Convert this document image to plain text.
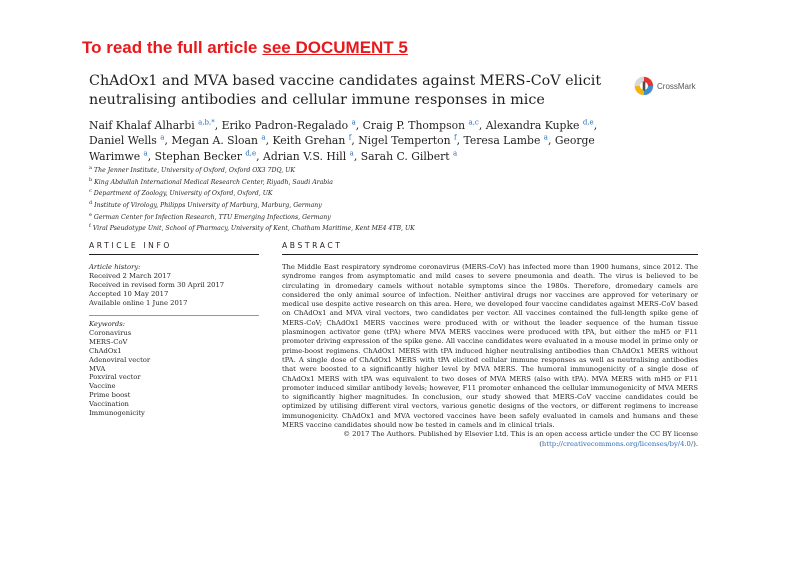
To read the full article see DOCUMENT 5
ChAdOx1 and MVA based vaccine candidates against MERS-CoV elicit neutralising antibodies and cellular immune responses in mice
CrossMark
Naif Khalaf Alharbi $^{a,b,*}$, Eriko Padron-Regalado $^a$, Craig P. Thompson $^{a,c}$, Alexandra Kupke $^{d,e}$, Daniel Wells $^a$, Megan A. Sloan $^a$, Keith Grehan $^f$, Nigel Temperton $^f$, Teresa Lambe $^a$, George Warimwe $^a$, Stephan Becker $^{d,e}$, Adrian V.S. Hill $^a$, Sarah C. Gilbert $^a$
$^a$ The Jenner Institute, University of Oxford, Oxford OX3 7DQ, UK
$^b$ King Abdullah International Medical Research Center, Riyadh, Saudi Arabia
$^c$ Department of Zoology, University of Oxford, Oxford, UK
$^d$ Institute of Virology, Philipps University of Marburg, Marburg, Germany
$^e$ German Center for Infection Research, TTU Emerging Infections, Germany
$^f$ Viral Pseudotype Unit, School of Pharmacy, University of Kent, Chatham Maritime, Kent ME4 4TB, UK
ARTICLE INFO	ABSTRACT
Article history:
Received 2 March 2017
Received in revised form 30 April 2017
Accepted 10 May 2017
Available online 1 June 2017
Keywords:
Coronavirus
MERS-CoV
ChAdOx1
Adenoviral vector
MVA
Poxviral vector
Vaccine
Prime boost
Vaccination
Immunogenicity
The Middle East respiratory syndrome coronavirus (MERS-CoV) has infected more than 1900 humans, since 2012. The syndrome ranges from asymptomatic and mild cases to severe pneumonia and death. The virus is believed to be circulating in dromedary camels without notable symptoms since the 1980s. Therefore, dromedary camels are considered the only animal source of infection. Neither antiviral drugs nor vaccines are approved for veterinary or medical use despite active research on this area. Here, we developed four vaccine candidates against MERS-CoV based on ChAdOx1 and MVA viral vectors, two candidates per vector. All vaccines contained the full-length spike gene of MERS-CoV; ChAdOx1 MERS vaccines were produced with or without the leader sequence of the human tissue plasminogen activator gene (tPA) where MVA MERS vaccines were produced with tPA, but either the mH5 or F11 promoter driving expression of the spike gene. All vaccine candidates were evaluated in a mouse model in prime only or prime-boost regimens. ChAdOx1 MERS with tPA induced higher neutralising antibodies than ChAdOx1 MERS without tPA. A single dose of ChAdOx1 MERS with tPA elicited cellular immune responses as well as neutralising antibodies that were boosted to a significantly higher level by MVA MERS. The humoral immunogenicity of a single dose of ChAdOx1 MERS with tPA was equivalent to two doses of MVA MERS (also with tPA). MVA MERS with mH5 or F11 promoter induced similar antibody levels; however, F11 promoter enhanced the cellular immunogenicity of MVA MERS to significantly higher magnitudes. In conclusion, our study showed that MERS-CoV vaccine candidates could be optimized by utilising different viral vectors, various genetic designs of the vectors, or different regimens to increase immunogenicity. ChAdOx1 and MVA vectored vaccines have been safely evaluated in camels and humans and these MERS vaccine candidates should now be tested in camels and in clinical trials.
© 2017 The Authors. Published by Elsevier Ltd. This is an open access article under the CC BY license (http://creativecommons.org/licenses/by/4.0/).
